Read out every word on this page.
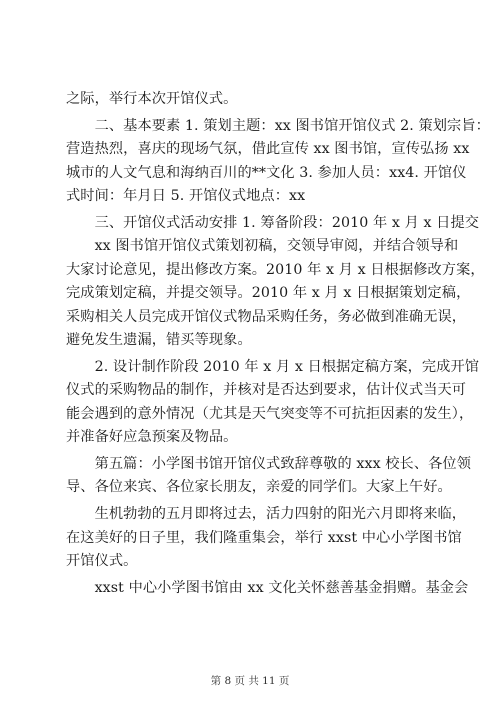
之际，举行本次开馆仪式。
　　二、基本要素 1. 策划主题：xx 图书馆开馆仪式 2. 策划宗旨：
营造热烈，喜庆的现场气氛，借此宣传 xx 图书馆，宣传弘扬 xx
城市的人文气息和海纳百川的**文化 3. 参加人员：xx4. 开馆仪
式时间：年月日 5. 开馆仪式地点：xx
　　三、开馆仪式活动安排 1. 筹备阶段：2010 年 x 月 x 日提交
　　xx 图书馆开馆仪式策划初稿，交领导审阅，并结合领导和
大家讨论意见，提出修改方案。2010 年 x 月 x 日根据修改方案，
完成策划定稿，并提交领导。2010 年 x 月 x 日根据策划定稿，
采购相关人员完成开馆仪式物品采购任务，务必做到准确无误，
避免发生遗漏，错买等现象。
　　2. 设计制作阶段 2010 年 x 月 x 日根据定稿方案，完成开馆
仪式的采购物品的制作，并核对是否达到要求，估计仪式当天可
能会遇到的意外情况（尤其是天气突变等不可抗拒因素的发生），
并准备好应急预案及物品。
　　第五篇：小学图书馆开馆仪式致辞尊敬的 xxx 校长、各位领
导、各位来宾、各位家长朋友，亲爱的同学们。大家上午好。
　　生机勃勃的五月即将过去，活力四射的阳光六月即将来临，
在这美好的日子里，我们隆重集会，举行 xxst 中心小学图书馆
开馆仪式。
　　xxst 中心小学图书馆由 xx 文化关怀慈善基金捐赠。基金会
第 8 页 共 11 页
